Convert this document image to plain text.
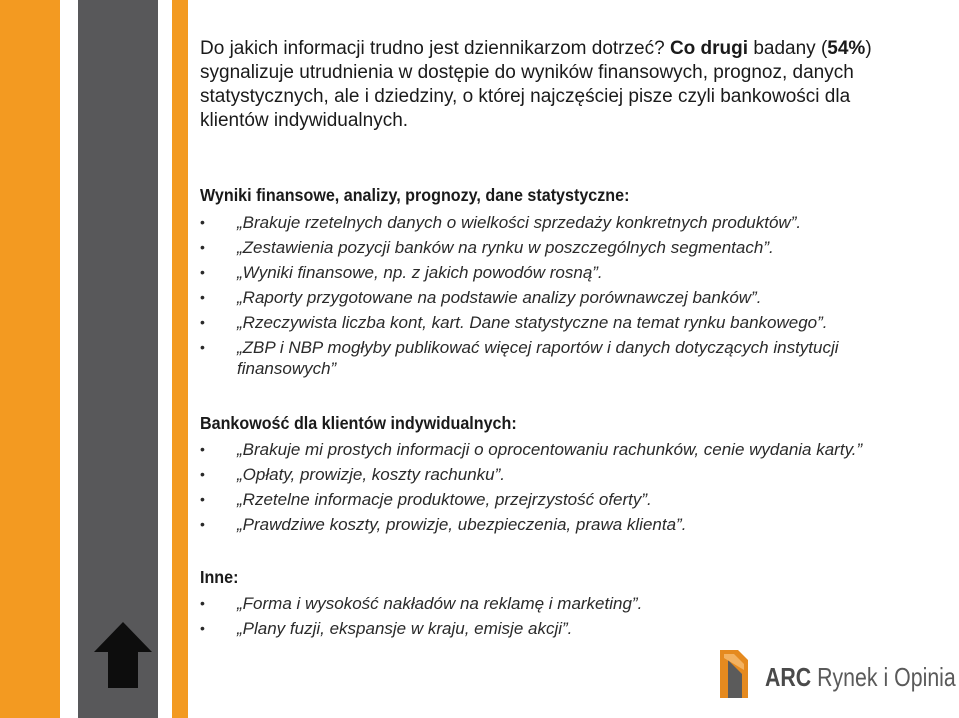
Do jakich informacji trudno jest dziennikarzom dotrzeć? Co drugi badany (54%) sygnalizuje utrudnienia w dostępie do wyników finansowych, prognoz, danych statystycznych, ale i dziedziny, o której najczęściej pisze czyli bankowości dla klientów indywidualnych.
Wyniki finansowe, analizy, prognozy, dane statystyczne:
• „Brakuje rzetelnych danych o wielkości sprzedaży konkretnych produktów”.
• „Zestawienia pozycji banków na rynku w poszczególnych segmentach”.
• „Wyniki finansowe, np. z jakich powodów rosną”.
• „Raporty przygotowane na podstawie analizy porównawczej banków”.
• „Rzeczywista liczba kont, kart. Dane statystyczne na temat rynku bankowego”.
• „ZBP i NBP mogłyby publikować więcej raportów i danych dotyczących instytucji finansowych”
Bankowość dla klientów indywidualnych:
• „Brakuje mi prostych informacji o oprocentowaniu rachunków, cenie wydania karty.”
• „Opłaty, prowizje, koszty rachunku”.
• „Rzetelne informacje produktowe, przejrzystość oferty”.
• „Prawdziwe koszty, prowizje, ubezpieczenia, prawa klienta”.
Inne:
• „Forma i wysokość nakładów na reklamę i marketing”.
• „Plany fuzji, ekspansje w kraju, emisje akcji”.
ARC Rynek i Opinia
